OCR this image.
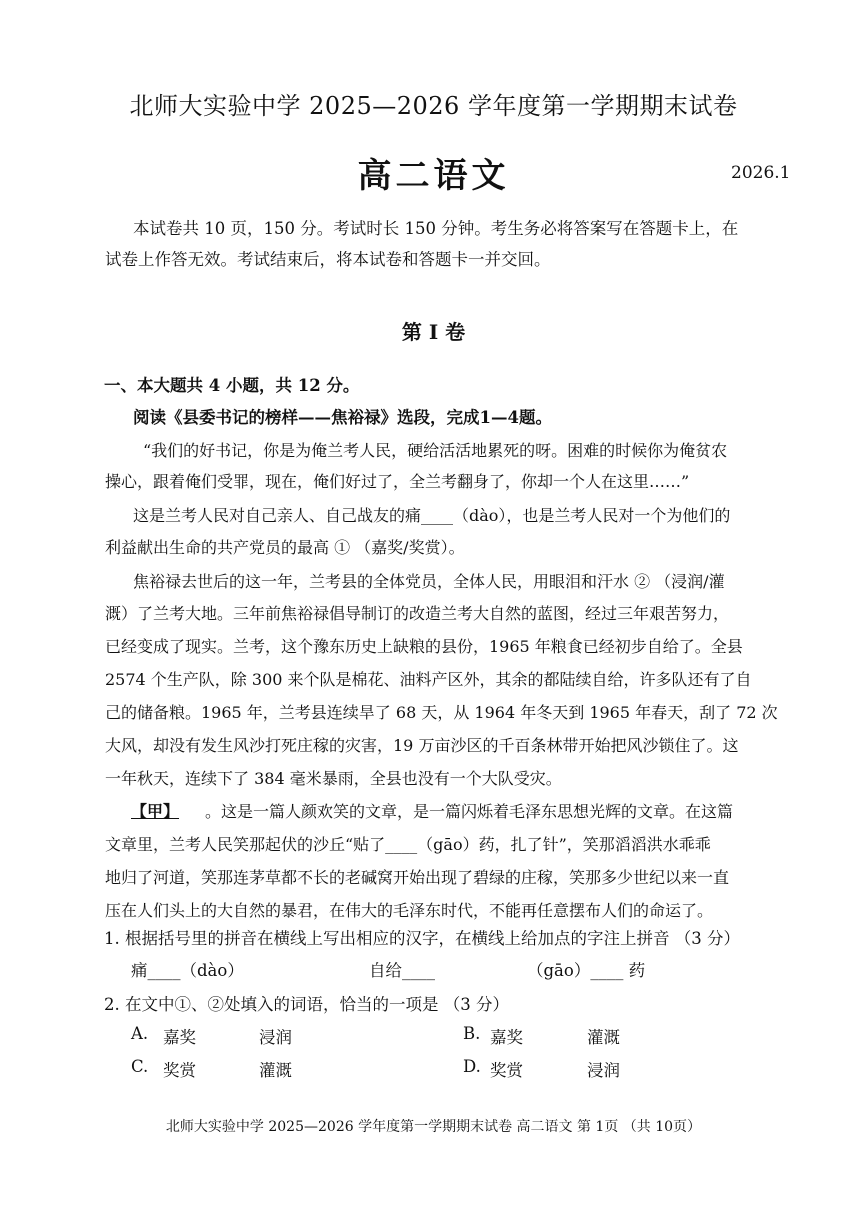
北师大实验中学 2025—2026 学年度第一学期期末试卷
高二语文	2026.1
本试卷共 10 页，150 分。考试时长 150 分钟。考生务必将答案写在答题卡上，在
试卷上作答无效。考试结束后，将本试卷和答题卡一并交回。
第 I 卷
一、本大题共 4 小题，共 12 分。
阅读《县委书记的榜样——焦裕禄》选段，完成1—4题。
“我们的好书记，你是为俺兰考人民，硬给活活地累死的呀。困难的时候你为俺贫农
操心，跟着俺们受罪，现在，俺们好过了，全兰考翻身了，你却一个人在这里……”
这是兰考人民对自己亲人、自己战友的痛____（dào），也是兰考人民对一个为他们的
利益献出生命的共产党员的最高 ① （嘉奖/奖赏）。
焦裕禄去世后的这一年，兰考县的全体党员，全体人民，用眼泪和汗水 ② （浸润/灌
溉）了兰考大地。三年前焦裕禄倡导制订的改造兰考大自然的蓝图，经过三年艰苦努力，
已经变成了现实。兰考，这个豫东历史上缺粮的县份，1965 年粮食已经初步自给了。全县
2574 个生产队，除 300 来个队是棉花、油料产区外，其余的都陆续自给，许多队还有了自
己的储备粮。1965 年，兰考县连续旱了 68 天，从 1964 年冬天到 1965 年春天，刮了 72 次
大风，却没有发生风沙打死庄稼的灾害，19 万亩沙区的千百条林带开始把风沙锁住了。这
一年秋天，连续下了 384 毫米暴雨，全县也没有一个大队受灾。
【甲】 。这是一篇人颜欢笑的文章，是一篇闪烁着毛泽东思想光辉的文章。在这篇
文章里，兰考人民笑那起伏的沙丘“贴了____（gāo）药，扎了针”，笑那滔滔洪水乖乖
地归了河道，笑那连茅草都不长的老碱窝开始出现了碧绿的庄稼，笑那多少世纪以来一直
压在人们头上的大自然的暴君，在伟大的毛泽东时代，不能再任意摆布人们的命运了。
1. 根据括号里的拼音在横线上写出相应的汉字，在横线上给加点的字注上拼音 （3 分）
痛____（dào）	自给____	（gāo）____ 药
2. 在文中①、②处填入的词语，恰当的一项是 （3 分）
A. 嘉奖	浸润	B. 嘉奖	灌溉
C. 奖赏	灌溉	D. 奖赏	浸润
北师大实验中学 2025—2026 学年度第一学期期末试卷 高二语文 第 1页 （共 10页）
